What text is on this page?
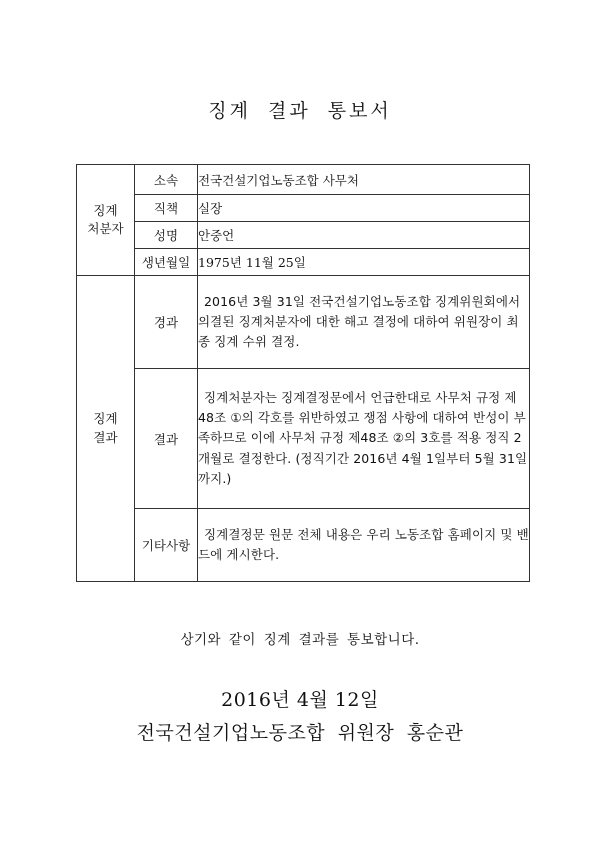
징계 결과 통보서
징계
처분자	소속	전국건설기업노동조합 사무처
	직책	실장
	성명	안중언
	생년월일	1975년 11월 25일

징계
결과	경과	2016년 3월 31일 전국건설기업노동조합 징계위원회에서 의결된 징계처분자에 대한 해고 결정에 대하여 위원장이 최종 징계 수위 결정.
	결과	징계처분자는 징계결정문에서 언급한대로 사무처 규정 제48조 ①의 각호를 위반하였고 쟁점 사항에 대하여 반성이 부족하므로 이에 사무처 규정 제48조 ②의 3호를 적용 정직 2개월로 결정한다. (정직기간 2016년 4월 1일부터 5월 31일까지.)
	기타사항	징계결정문 원문 전체 내용은 우리 노동조합 홈페이지 및 밴드에 게시한다.
상기와 같이 징계 결과를 통보합니다.
2016년 4월 12일
전국건설기업노동조합 위원장 홍순관
